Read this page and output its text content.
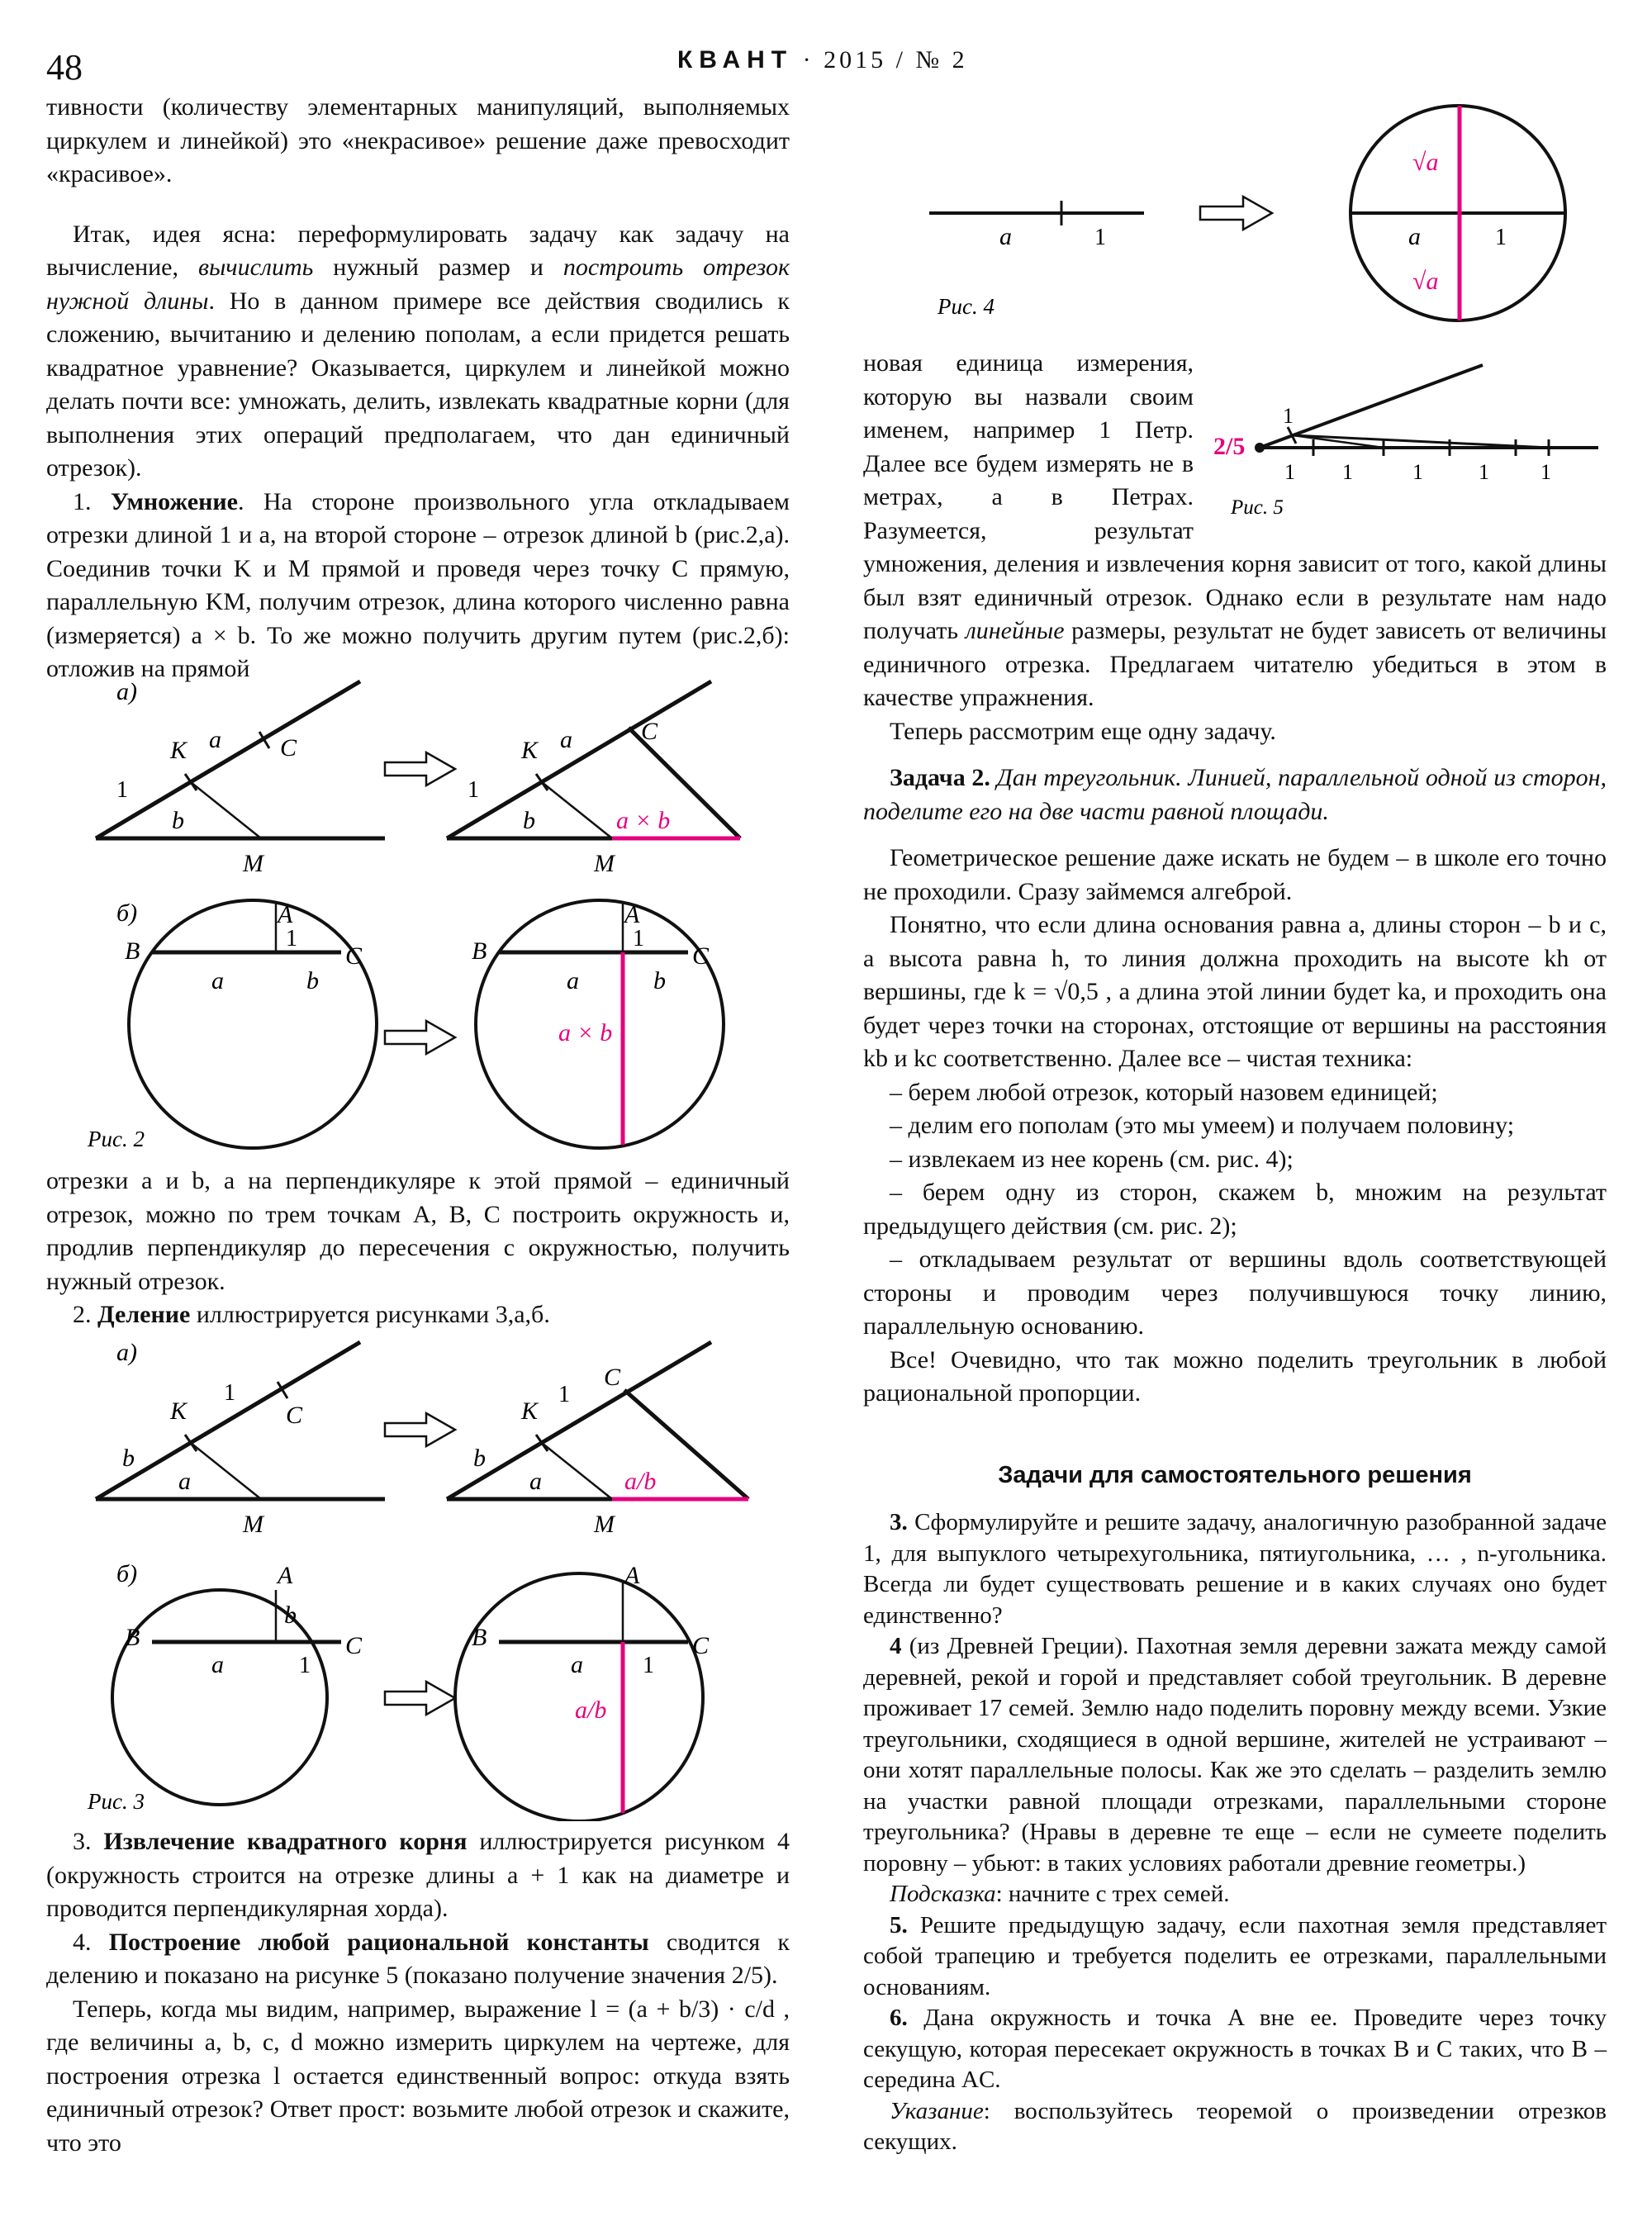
48	КВАНТ · 2015 / № 2

тивности (количеству элементарных манипуляций, выполняемых циркулем и линейкой) это «некрасивое» решение даже превосходит «красивое».

Итак, идея ясна: переформулировать задачу как задачу на вычисление, вычислить нужный размер и построить отрезок нужной длины. Но в данном примере все действия сводились к сложению, вычитанию и делению пополам, а если придется решать квадратное уравнение? Оказывается, циркулем и линейкой можно делать почти все: умножать, делить, извлекать квадратные корни (для выполнения этих операций предполагаем, что дан единичный отрезок).

1. Умножение. На стороне произвольного угла откладываем отрезки длиной 1 и a, на второй стороне – отрезок длиной b (рис.2,а). Соединив точки K и M прямой и проведя через точку C прямую, параллельную KM, получим отрезок, длина которого численно равна (измеряется) a × b. То же можно получить другим путем (рис.2,б): отложив на прямой

а)
K a C
1
b
M
K a	C
1
b	a × b
M
б)	A
1
B	C
a	b
A
1
B	C
a	b
a × b
Рис. 2

отрезки a и b, а на перпендикуляре к этой прямой – единичный отрезок, можно по трем точкам A, B, C построить окружность и, продлив перпендикуляр до пересечения с окружностью, получить нужный отрезок.

2. Деление иллюстрируется рисунками 3,а,б.

а)
K
1
C
b
a
M
K
1
C
b
a	a/b
M
б)	A
b
B	C
a	1
A
B	C
a	1
a/b
Рис. 3

3. Извлечение квадратного корня иллюстрируется рисунком 4 (окружность строится на отрезке длины a + 1 как на диаметре и проводится перпендикулярная хорда).

4. Построение любой рациональной константы сводится к делению и показано на рисунке 5 (показано получение значения 2/5).

Теперь, когда мы видим, например, выражение l = (a + b/3) · c/d , где величины a, b, c, d можно измерить циркулем на чертеже, для построения отрезка l остается единственный вопрос: откуда взять единичный отрезок? Ответ прост: возьмите любой отрезок и скажите, что это

a	1	a	1
√a
√a
Рис. 4
2/5
1
1 1	1	1 1
Рис. 5

новая единица измерения, которую вы назвали своим именем, например 1 Петр. Далее все будем измерять не в метрах, а в Петрах. Разумеется, результат умножения, деления и извлечения корня зависит от того, какой длины был взят единичный отрезок. Однако если в результате нам надо получать линейные размеры, результат не будет зависеть от величины единичного отрезка. Предлагаем читателю убедиться в этом в качестве упражнения.

Теперь рассмотрим еще одну задачу.

Задача 2. Дан треугольник. Линией, параллельной одной из сторон, поделите его на две части равной площади.

Геометрическое решение даже искать не будем – в школе его точно не проходили. Сразу займемся алгеброй.

Понятно, что если длина основания равна a, длины сторон – b и c, а высота равна h, то линия должна проходить на высоте kh от вершины, где k = √0,5 , а длина этой линии будет ka, и проходить она будет через точки на сторонах, отстоящие от вершины на расстояния kb и kc соответственно. Далее все – чистая техника:

– берем любой отрезок, который назовем единицей;

– делим его пополам (это мы умеем) и получаем половину;

– извлекаем из нее корень (см. рис. 4);

– берем одну из сторон, скажем b, множим на результат предыдущего действия (см. рис. 2);

– откладываем результат от вершины вдоль соответствующей стороны и проводим через получившуюся точку линию, параллельную основанию.

Все! Очевидно, что так можно поделить треугольник в любой рациональной пропорции.

Задачи для самостоятельного решения

3. Сформулируйте и решите задачу, аналогичную разобранной задаче 1, для выпуклого четырехугольника, пятиугольника, … , n-угольника. Всегда ли будет существовать решение и в каких случаях оно будет единственно?

4 (из Древней Греции). Пахотная земля деревни зажата между самой деревней, рекой и горой и представляет собой треугольник. В деревне проживает 17 семей. Землю надо поделить поровну между всеми. Узкие треугольники, сходящиеся в одной вершине, жителей не устраивают – они хотят параллельные полосы. Как же это сделать – разделить землю на участки равной площади отрезками, параллельными стороне треугольника? (Нравы в деревне те еще – если не сумеете поделить поровну – убьют: в таких условиях работали древние геометры.)

Подсказка: начните с трех семей.

5. Решите предыдущую задачу, если пахотная земля представляет собой трапецию и требуется поделить ее отрезками, параллельными основаниям.

6. Дана окружность и точка A вне ее. Проведите через точку секущую, которая пересекает окружность в точках B и C таких, что B – середина AC.

Указание: воспользуйтесь теоремой о произведении отрезков секущих.
